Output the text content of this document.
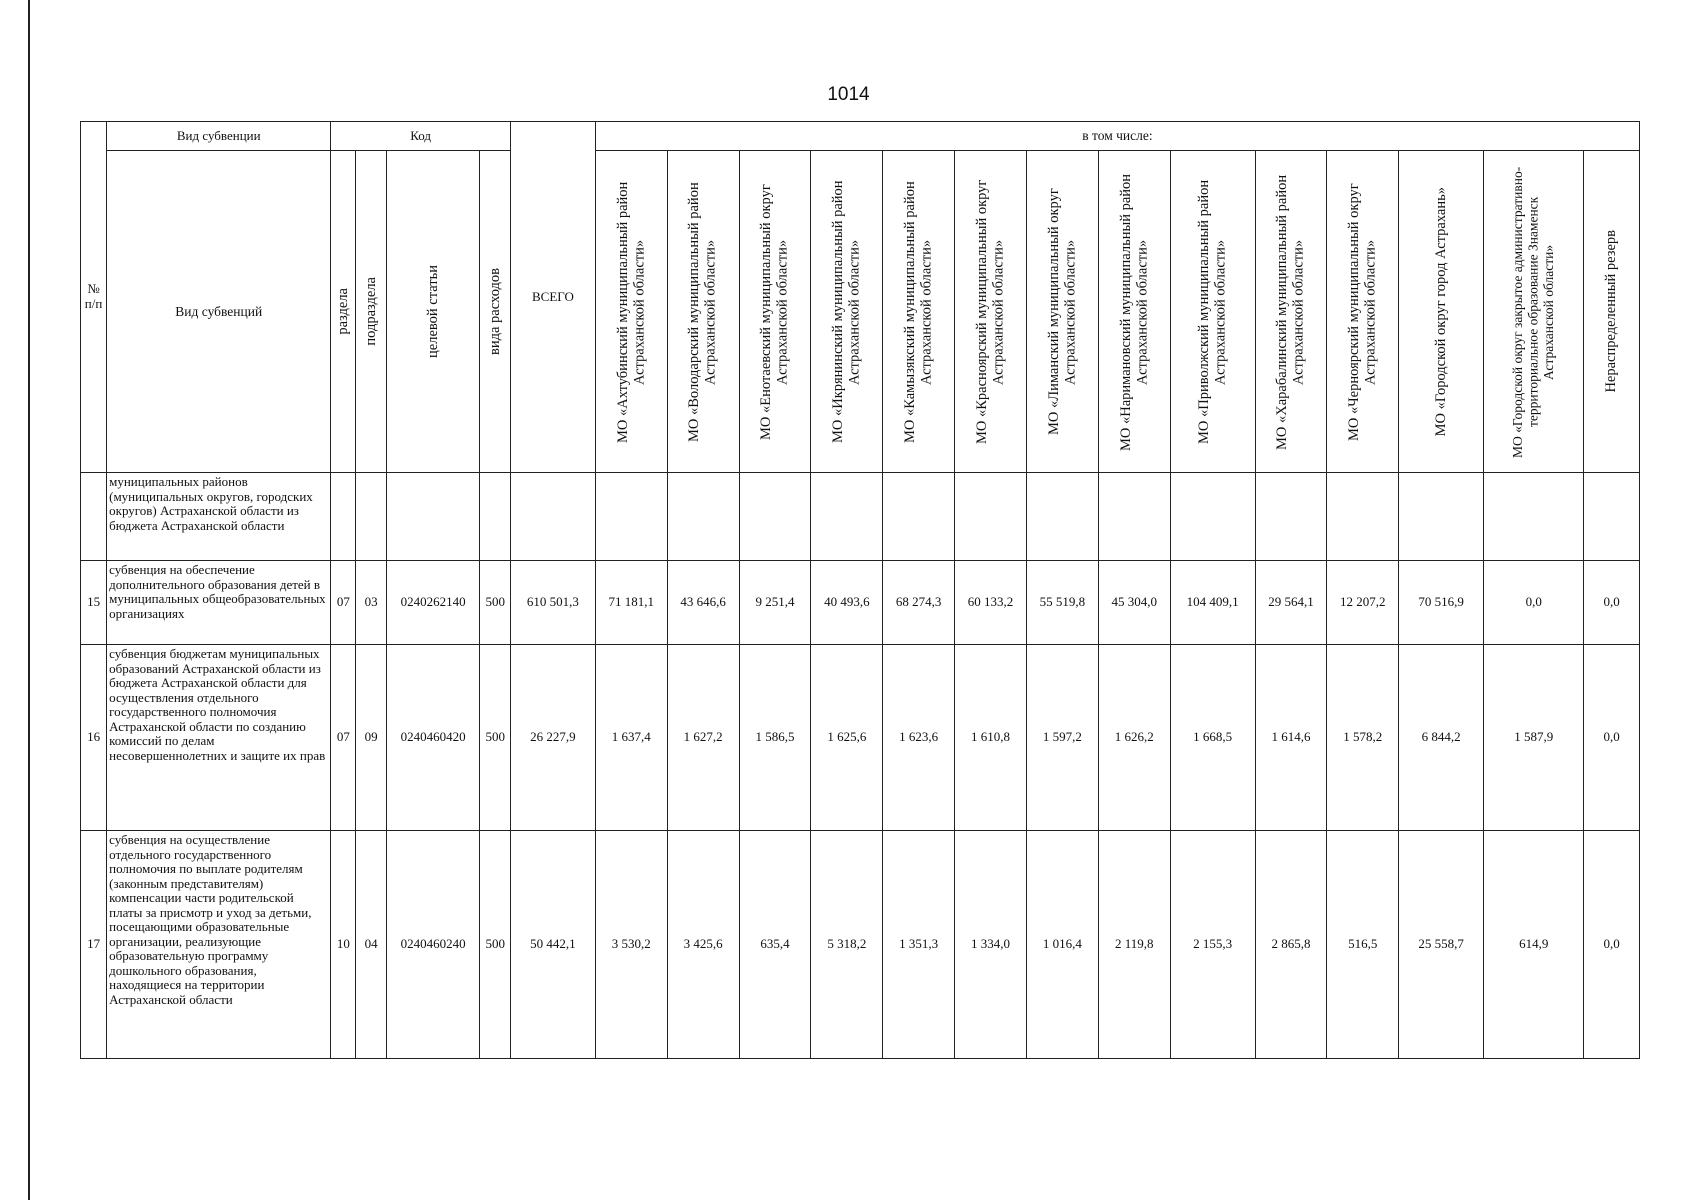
1014
№ п/п	Вид субвенции	Код				ВСЕГО	в том числе:													
	Вид субвенций	раздела	подраздела	целевой статьи	вида расходов		МО «Ахтубинский муниципальный район Астраханской области»	МО «Володарский муниципальный район Астраханской области»	МО «Енотаевский муниципальный округ Астраханской области»	МО «Икрянинский муниципальный район Астраханской области»	МО «Камызякский муниципальный район Астраханской области»	МО «Красноярский муниципальный округ Астраханской области»	МО «Лиманский муниципальный округ Астраханской области»	МО «Наримановский муниципальный район Астраханской области»	МО «Приволжский муниципальный район Астраханской области»	МО «Харабалинский муниципальный район Астраханской области»	МО «Черноярский муниципальный округ Астраханской области»	МО «Городской округ город Астрахань»	МО «Городской округ закрытое административно-территориальное образование Знаменск Астраханской области»	Нераспределенный резерв

	муниципальных районов (муниципальных округов, городских округов) Астраханской области из бюджета Астраханской области																			
15	субвенция на обеспечение дополнительного образования детей в муниципальных общеобразовательных организациях	07	03	0240262140	500	610 501,3	71 181,1	43 646,6	9 251,4	40 493,6	68 274,3	60 133,2	55 519,8	45 304,0	104 409,1	29 564,1	12 207,2	70 516,9	0,0	0,0
16	субвенция бюджетам муниципальных образований Астраханской области из бюджета Астраханской области для осуществления отдельного государственного полномочия Астраханской области по созданию комиссий по делам несовершеннолетних и защите их прав	07	09	0240460420	500	26 227,9	1 637,4	1 627,2	1 586,5	1 625,6	1 623,6	1 610,8	1 597,2	1 626,2	1 668,5	1 614,6	1 578,2	6 844,2	1 587,9	0,0
17	субвенция на осуществление отдельного государственного полномочия по выплате родителям (законным представителям) компенсации части родительской платы за присмотр и уход за детьми, посещающими образовательные организации, реализующие образовательную программу дошкольного образования, находящиеся на территории Астраханской области	10	04	0240460240	500	50 442,1	3 530,2	3 425,6	635,4	5 318,2	1 351,3	1 334,0	1 016,4	2 119,8	2 155,3	2 865,8	516,5	25 558,7	614,9	0,0
